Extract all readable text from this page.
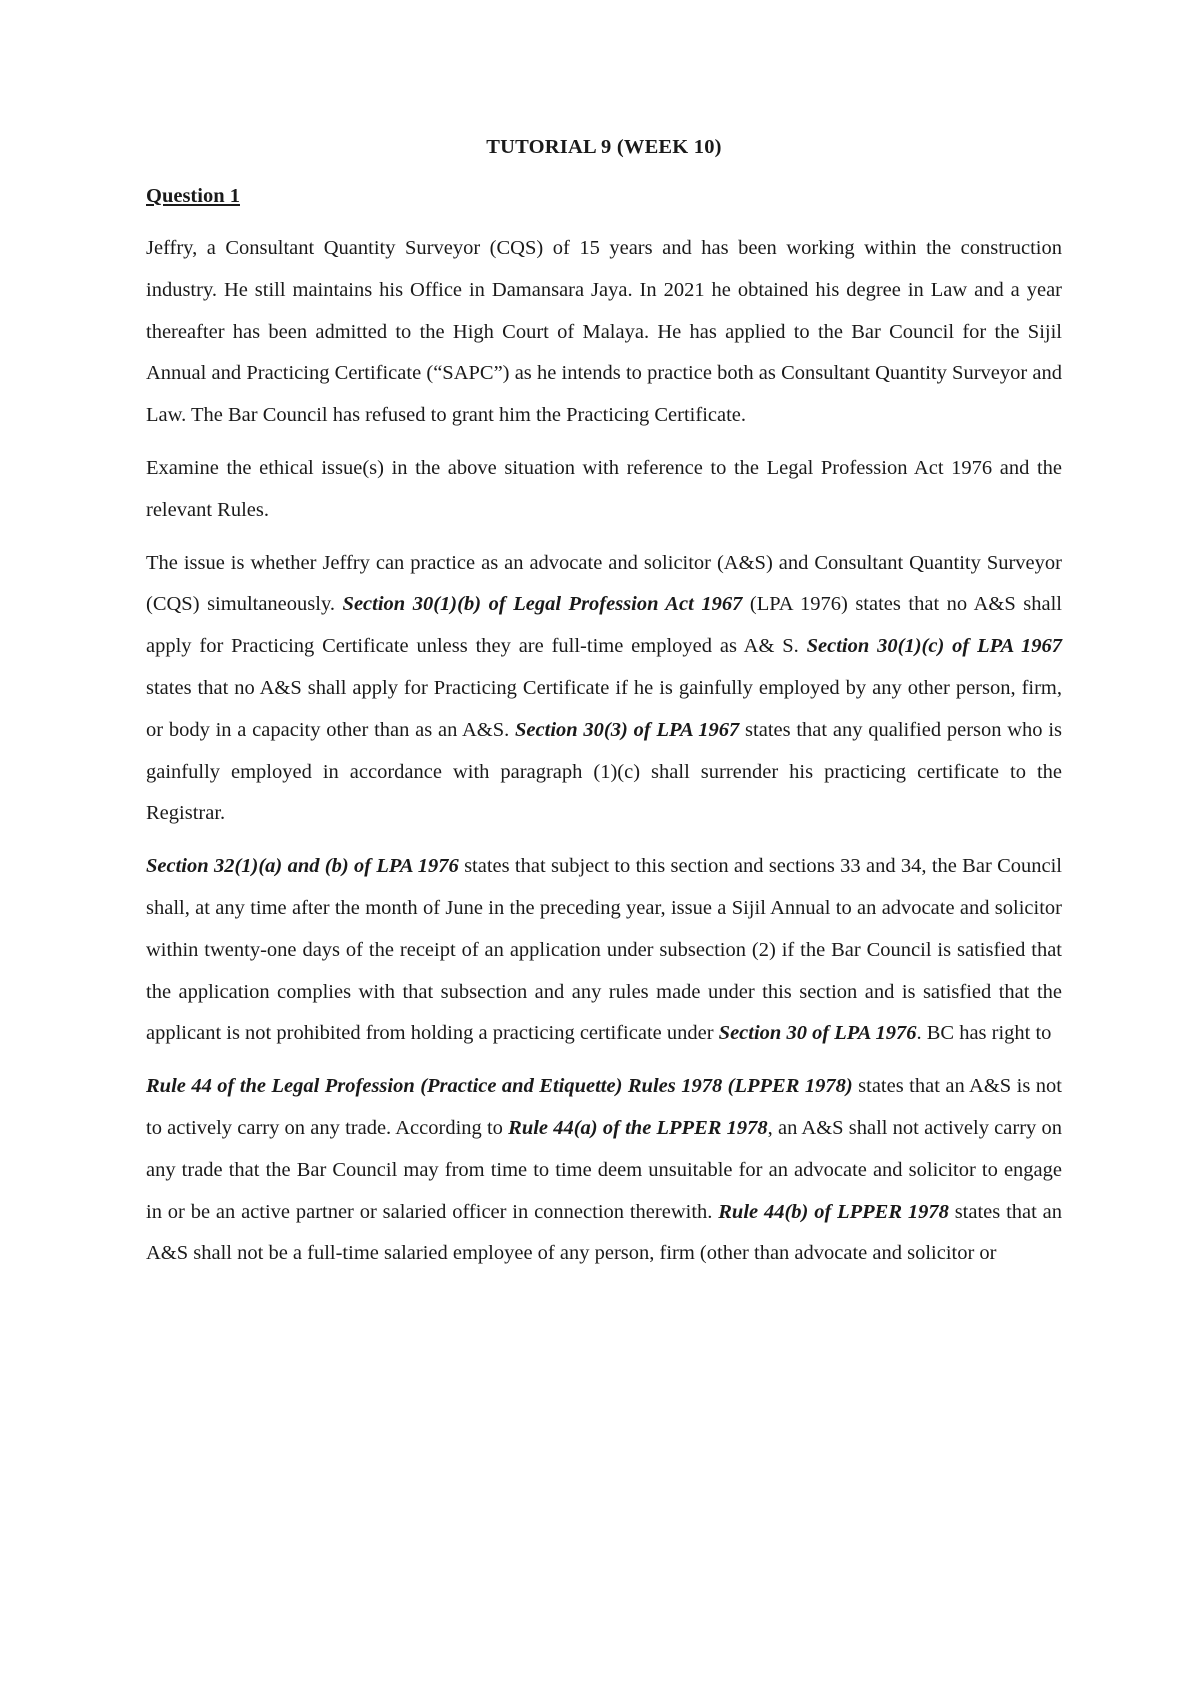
TUTORIAL 9 (WEEK 10)
Question 1

Jeffry, a Consultant Quantity Surveyor (CQS) of 15 years and has been working within the construction industry. He still maintains his Office in Damansara Jaya. In 2021 he obtained his degree in Law and a year thereafter has been admitted to the High Court of Malaya. He has applied to the Bar Council for the Sijil Annual and Practicing Certificate (“SAPC”) as he intends to practice both as Consultant Quantity Surveyor and Law. The Bar Council has refused to grant him the Practicing Certificate.

Examine the ethical issue(s) in the above situation with reference to the Legal Profession Act 1976 and the relevant Rules.

The issue is whether Jeffry can practice as an advocate and solicitor (A&S) and Consultant Quantity Surveyor (CQS) simultaneously. Section 30(1)(b) of Legal Profession Act 1967 (LPA 1976) states that no A&S shall apply for Practicing Certificate unless they are full-time employed as A& S. Section 30(1)(c) of LPA 1967 states that no A&S shall apply for Practicing Certificate if he is gainfully employed by any other person, firm, or body in a capacity other than as an A&S. Section 30(3) of LPA 1967 states that any qualified person who is gainfully employed in accordance with paragraph (1)(c) shall surrender his practicing certificate to the Registrar.

Section 32(1)(a) and (b) of LPA 1976 states that subject to this section and sections 33 and 34, the Bar Council shall, at any time after the month of June in the preceding year, issue a Sijil Annual to an advocate and solicitor within twenty-one days of the receipt of an application under subsection (2) if the Bar Council is satisfied that the application complies with that subsection and any rules made under this section and is satisfied that the applicant is not prohibited from holding a practicing certificate under Section 30 of LPA 1976. BC has right to

Rule 44 of the Legal Profession (Practice and Etiquette) Rules 1978 (LPPER 1978) states that an A&S is not to actively carry on any trade. According to Rule 44(a) of the LPPER 1978, an A&S shall not actively carry on any trade that the Bar Council may from time to time deem unsuitable for an advocate and solicitor to engage in or be an active partner or salaried officer in connection therewith. Rule 44(b) of LPPER 1978 states that an A&S shall not be a full-time salaried employee of any person, firm (other than advocate and solicitor or
